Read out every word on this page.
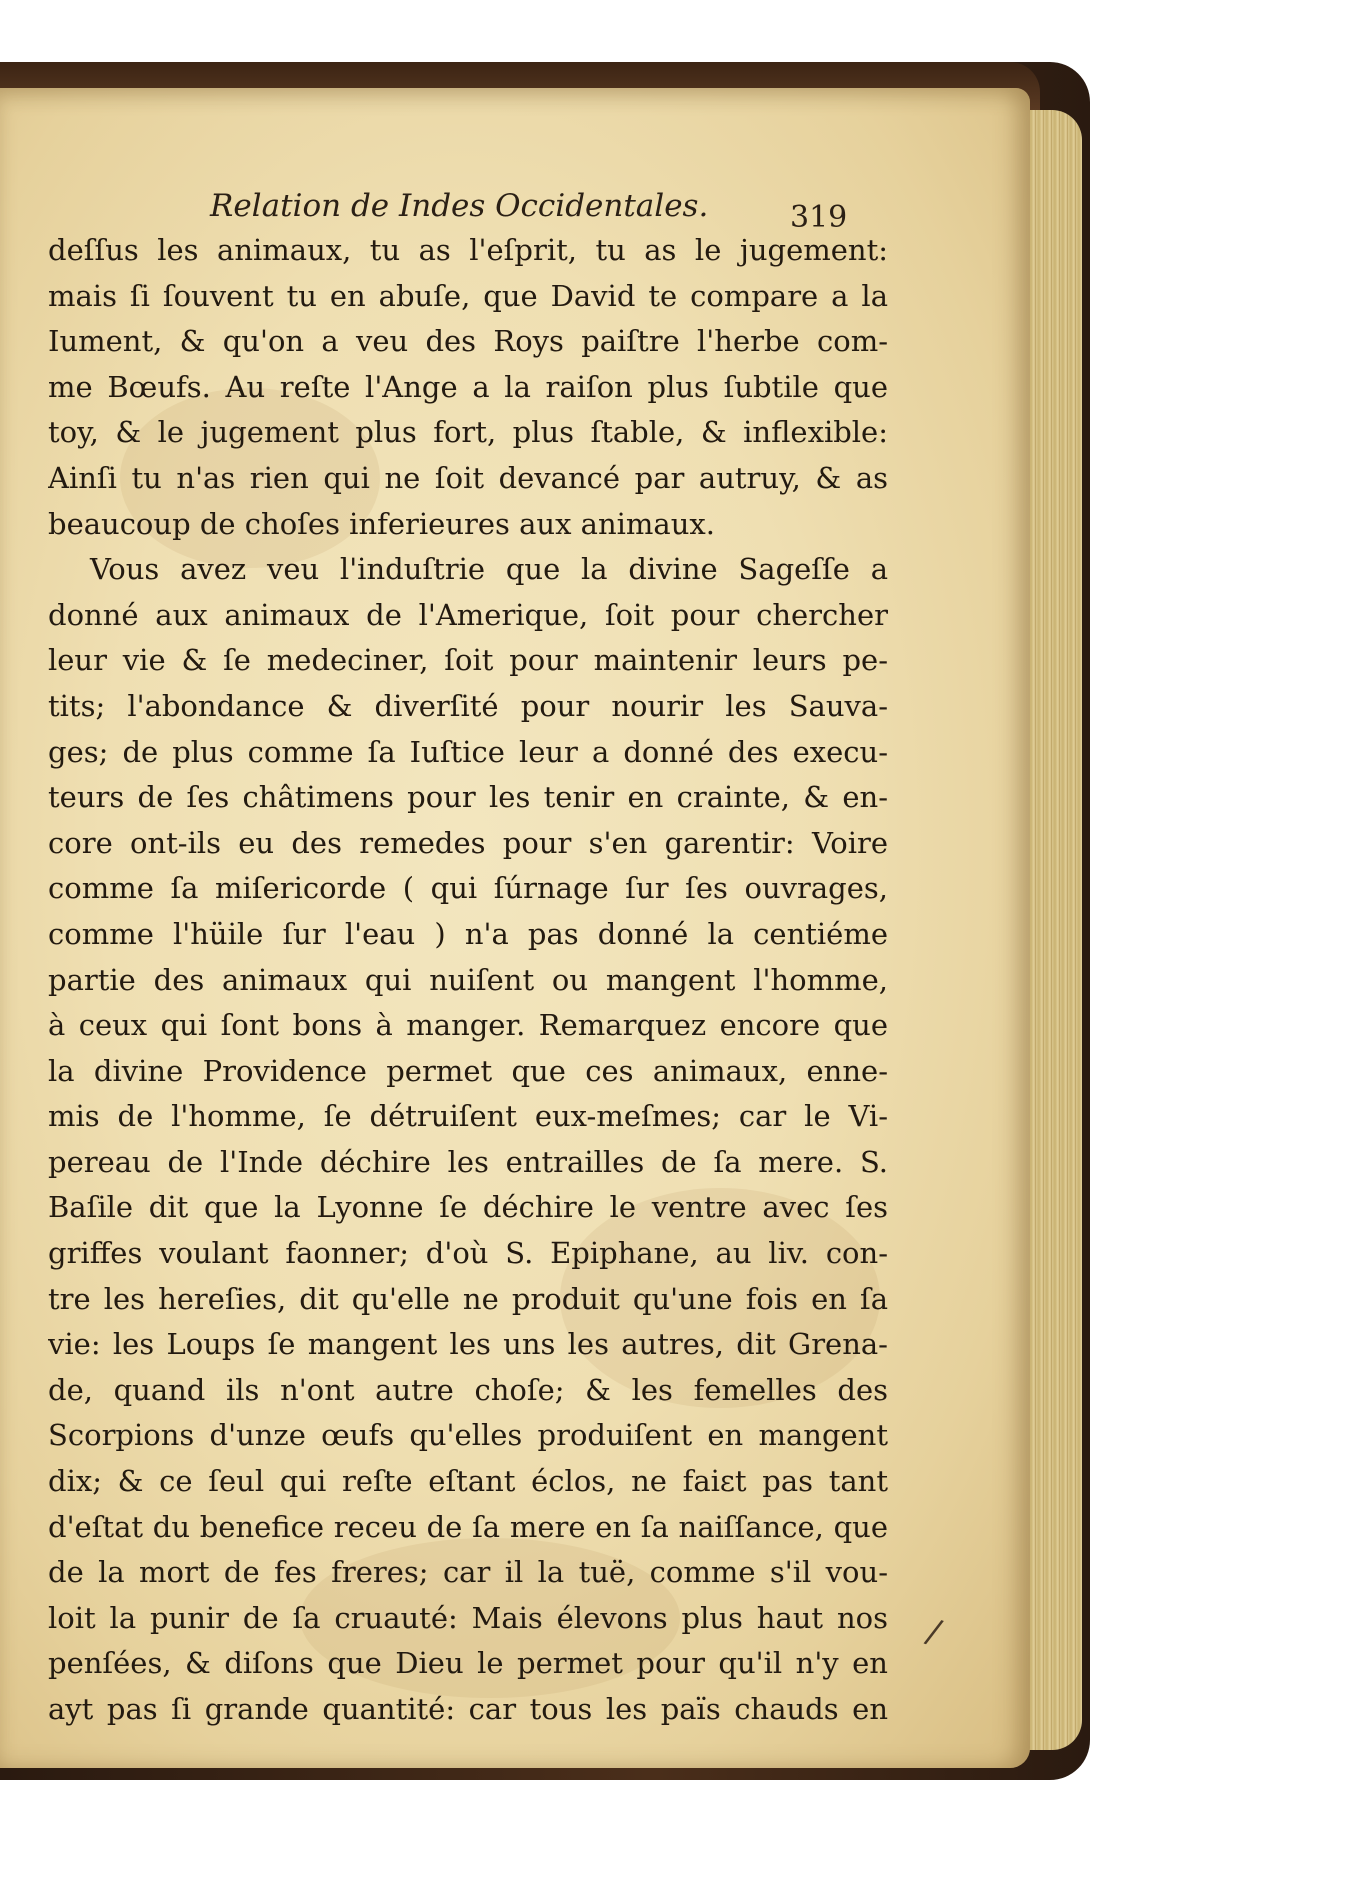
Relation de Indes Occidentales.	319
deſſus les animaux, tu as l'eſprit, tu as le jugement:
mais ſi ſouvent tu en abuſe, que David te compare a la
Iument, & qu'on a veu des Roys paiſtre l'herbe com-
me Bœufs. Au reſte l'Ange a la raiſon plus ſubtile que
toy, & le jugement plus fort, plus ſtable, & inflexible:
Ainſi tu n'as rien qui ne ſoit devancé par autruy, & as
beaucoup de choſes inferieures aux animaux.
Vous avez veu l'induſtrie que la divine Sageſſe a
donné aux animaux de l'Amerique, ſoit pour chercher
leur vie & ſe medeciner, ſoit pour maintenir leurs pe-
tits; l'abondance & diverſité pour nourir les Sauva-
ges; de plus comme ſa Iuſtice leur a donné des execu-
teurs de ſes châtimens pour les tenir en crainte, & en-
core ont-ils eu des remedes pour s'en garentir: Voire
comme ſa miſericorde ( qui ſúrnage ſur ſes ouvrages,
comme l'hüile ſur l'eau ) n'a pas donné la centiéme
partie des animaux qui nuiſent ou mangent l'homme,
à ceux qui ſont bons à manger. Remarquez encore que
la divine Providence permet que ces animaux, enne-
mis de l'homme, ſe détruiſent eux-meſmes; car le Vi-
pereau de l'Inde déchire les entrailles de ſa mere. S.
Baſile dit que la Lyonne ſe déchire le ventre avec ſes
griffes voulant faonner; d'où S. Epiphane, au liv. con-
tre les hereſies, dit qu'elle ne produit qu'une fois en ſa
vie: les Loups ſe mangent les uns les autres, dit Grena-
de, quand ils n'ont autre choſe; & les femelles des
Scorpions d'unze œufs qu'elles produiſent en mangent
dix; & ce ſeul qui reſte eſtant éclos, ne faiɛt pas tant
d'eſtat du benefice receu de ſa mere en ſa naiſſance, que
de la mort de fes freres; car il la tuë, comme s'il vou-
loit la punir de ſa cruauté: Mais élevons plus haut nos
penſées, & diſons que Dieu le permet pour qu'il n'y en
ayt pas ſi grande quantité: car tous les païs chauds en
/
